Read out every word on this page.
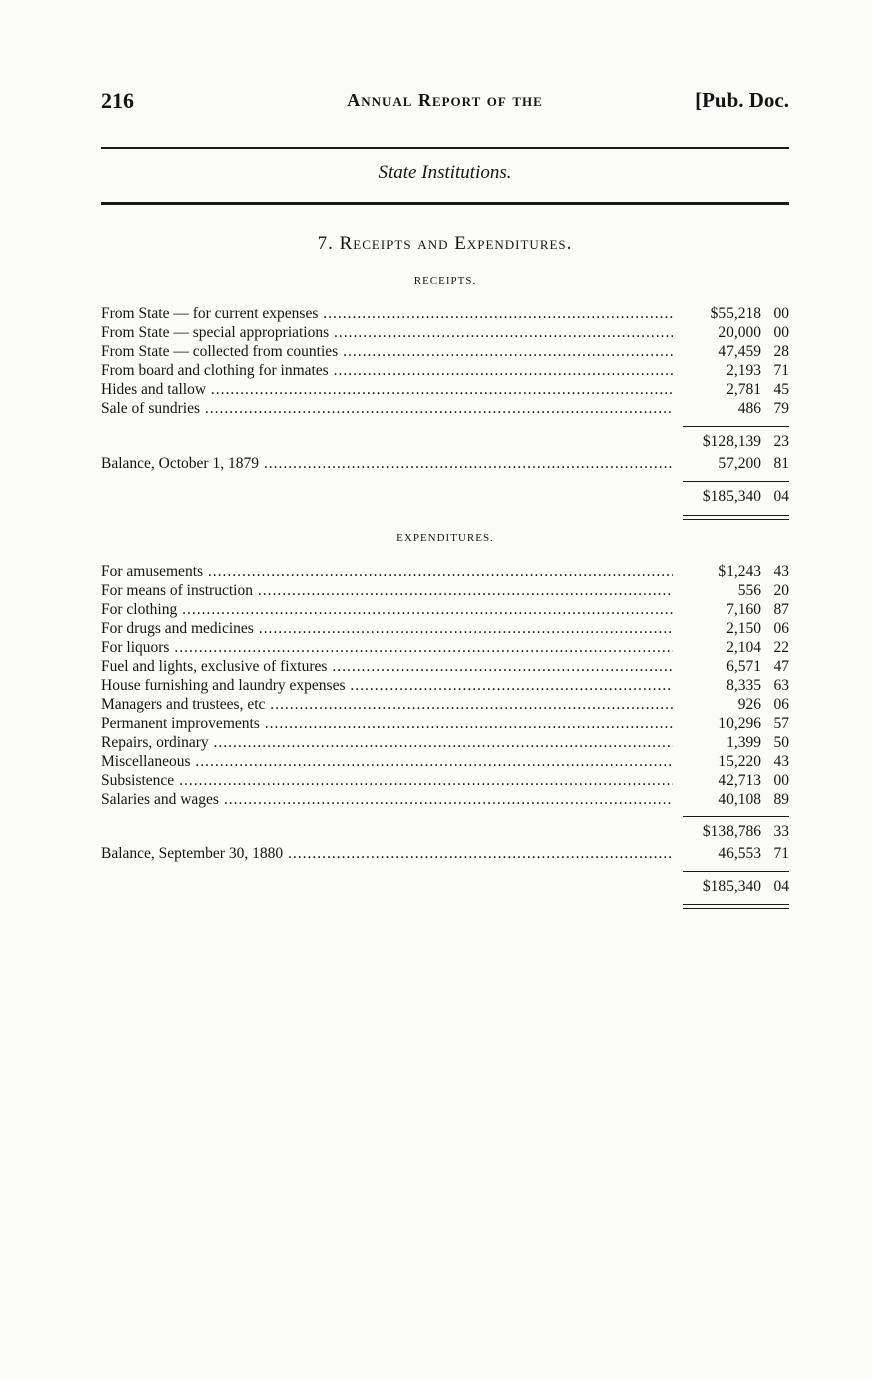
216	Annual Report of the	[Pub. Doc.
State Institutions.
7. Receipts and Expenditures.
RECEIPTS.
From State — for current expenses .....	$55,218 00
From State — special appropriations .....	20,000 00
From State — collected from counties .....	47,459 28
From board and clothing for inmates .....	2,193 71
Hides and tallow .....	2,781 45
Sale of sundries .....	486 79
$128,139 23
Balance, October 1, 1879 .....	57,200 81
$185,340 04
EXPENDITURES.
For amusements .....	$1,243 43
For means of instruction .....	556 20
For clothing .....	7,160 87
For drugs and medicines .....	2,150 06
For liquors .....	2,104 22
Fuel and lights, exclusive of fixtures .....	6,571 47
House furnishing and laundry expenses .....	8,335 63
Managers and trustees, etc .....	926 06
Permanent improvements .....	10,296 57
Repairs, ordinary .....	1,399 50
Miscellaneous .....	15,220 43
Subsistence .....	42,713 00
Salaries and wages .....	40,108 89
$138,786 33
Balance, September 30, 1880 .....	46,553 71
$185,340 04
